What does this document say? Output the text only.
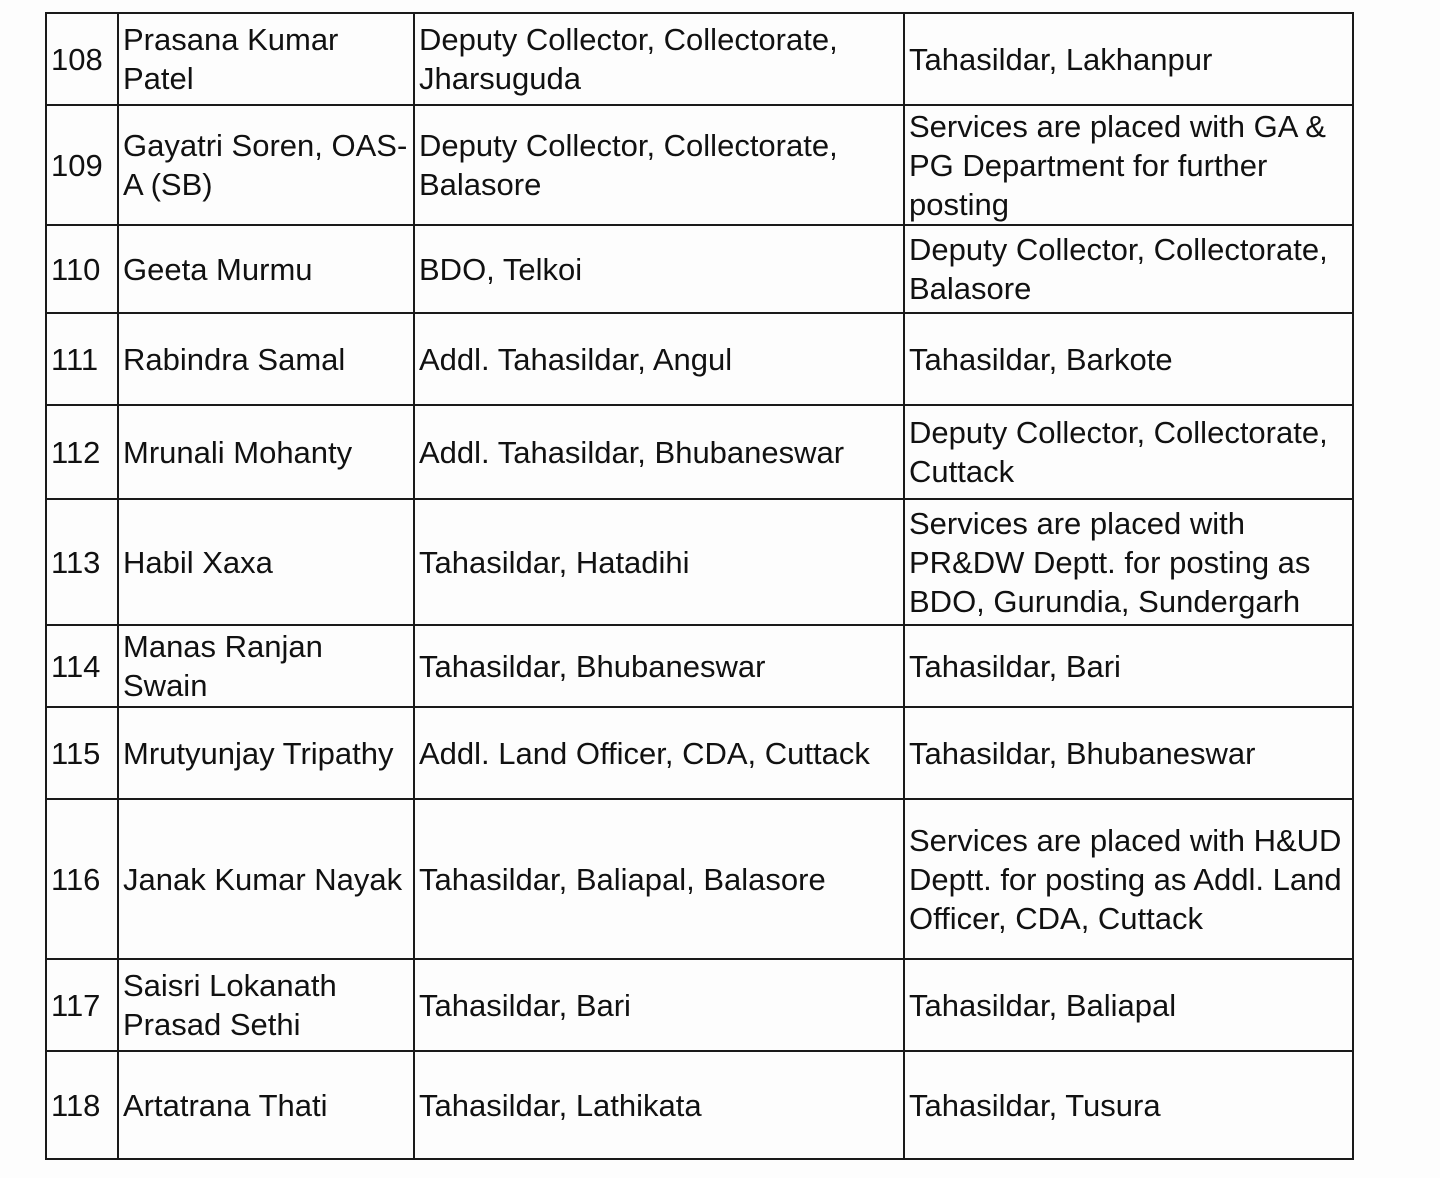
108	Prasana Kumar Patel	Deputy Collector, Collectorate, Jharsuguda	Tahasildar, Lakhanpur
109	Gayatri Soren, OAS-A (SB)	Deputy Collector, Collectorate, Balasore	Services are placed with GA & PG Department for further posting
110	Geeta Murmu	BDO, Telkoi	Deputy Collector, Collectorate, Balasore
111	Rabindra Samal	Addl. Tahasildar, Angul	Tahasildar, Barkote
112	Mrunali Mohanty	Addl. Tahasildar, Bhubaneswar	Deputy Collector, Collectorate, Cuttack
113	Habil Xaxa	Tahasildar, Hatadihi	Services are placed with PR&DW Deptt. for posting as BDO, Gurundia, Sundergarh
114	Manas Ranjan Swain	Tahasildar, Bhubaneswar	Tahasildar, Bari
115	Mrutyunjay Tripathy	Addl. Land Officer, CDA, Cuttack	Tahasildar, Bhubaneswar
116	Janak Kumar Nayak	Tahasildar, Baliapal, Balasore	Services are placed with H&UD Deptt. for posting as Addl. Land Officer, CDA, Cuttack
117	Saisri Lokanath Prasad Sethi	Tahasildar, Bari	Tahasildar, Baliapal
118	Artatrana Thati	Tahasildar, Lathikata	Tahasildar, Tusura
